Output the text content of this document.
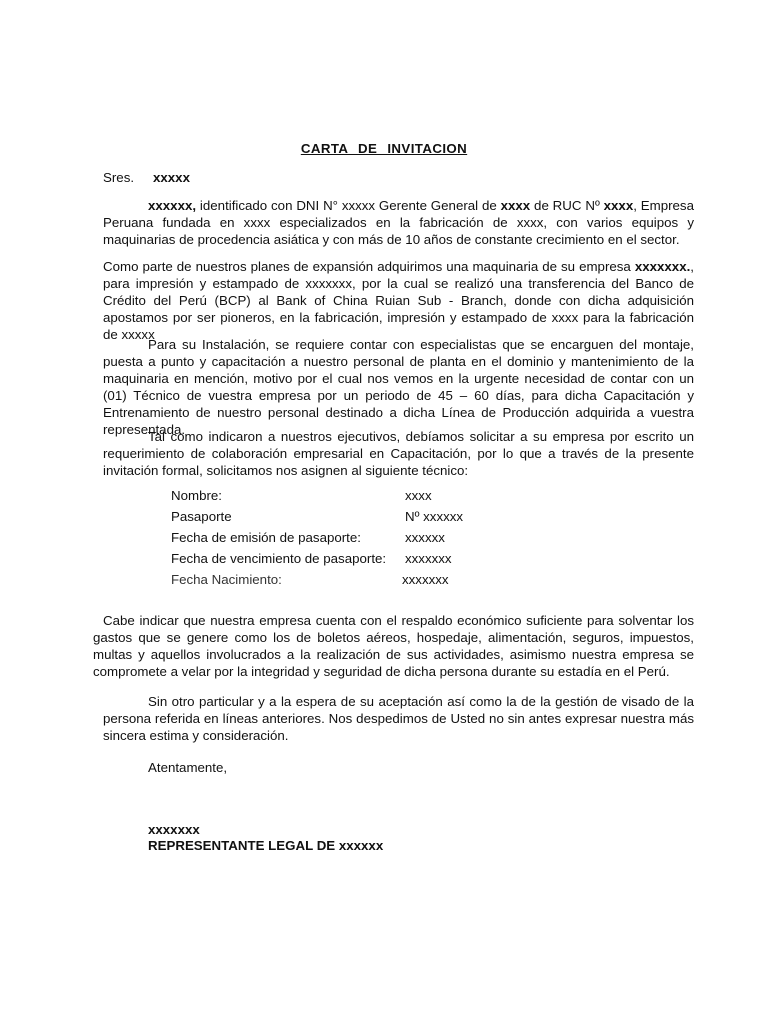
CARTA DE INVITACION
Sres. xxxxx
xxxxxx, identificado con DNI N° xxxxx Gerente General de xxxx de RUC Nº xxxx, Empresa Peruana fundada en xxxx especializados en la fabricación de xxxx, con varios equipos y maquinarias de procedencia asiática y con más de 10 años de constante crecimiento en el sector.
Como parte de nuestros planes de expansión adquirimos una maquinaria de su empresa xxxxxxx., para impresión y estampado de xxxxxxx, por la cual se realizó una transferencia del Banco de Crédito del Perú (BCP) al Bank of China Ruian Sub - Branch, donde con dicha adquisición apostamos por ser pioneros, en la fabricación, impresión y estampado de xxxx para la fabricación de xxxxx
Para su Instalación, se requiere contar con especialistas que se encarguen del montaje, puesta a punto y capacitación a nuestro personal de planta en el dominio y mantenimiento de la maquinaria en mención, motivo por el cual nos vemos en la urgente necesidad de contar con un (01) Técnico de vuestra empresa por un periodo de 45 – 60 días, para dicha Capacitación y Entrenamiento de nuestro personal destinado a dicha Línea de Producción adquirida a vuestra representada.
Tal como indicaron a nuestros ejecutivos, debíamos solicitar a su empresa por escrito un requerimiento de colaboración empresarial en Capacitación, por lo que a través de la presente invitación formal, solicitamos nos asignen al siguiente técnico:
Nombre:	xxxx
Pasaporte	Nº xxxxxx
Fecha de emisión de pasaporte:	xxxxxx
Fecha de vencimiento de pasaporte: xxxxxxx
Fecha Nacimiento:	xxxxxxx
Cabe indicar que nuestra empresa cuenta con el respaldo económico suficiente para solventar los gastos que se genere como los de boletos aéreos, hospedaje, alimentación, seguros, impuestos, multas y aquellos involucrados a la realización de sus actividades, asimismo nuestra empresa se compromete a velar por la integridad y seguridad de dicha persona durante su estadía en el Perú.
Sin otro particular y a la espera de su aceptación así como la de la gestión de visado de la persona referida en líneas anteriores. Nos despedimos de Usted no sin antes expresar nuestra más sincera estima y consideración.
Atentamente,
xxxxxxx
REPRESENTANTE LEGAL DE xxxxxx
